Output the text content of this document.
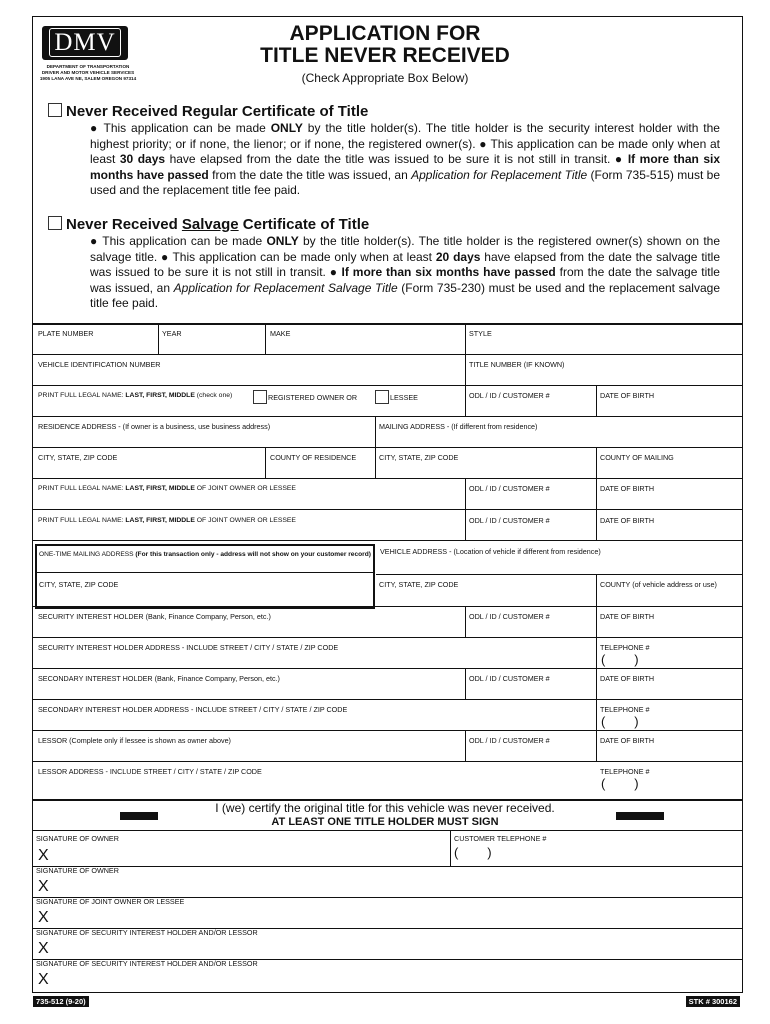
DMV
DEPARTMENT OF TRANSPORTATION
DRIVER AND MOTOR VEHICLE SERVICES
1905 LANA AVE NE, SALEM OREGON 97314
APPLICATION FOR
TITLE NEVER RECEIVED
(Check Appropriate Box Below)
Never Received Regular Certificate of Title
● This application can be made ONLY by the title holder(s). The title holder is the security interest holder with the highest priority; or if none, the lienor; or if none, the registered owner(s). ● This application can be made only when at least 30 days have elapsed from the date the title was issued to be sure it is not still in transit. ● If more than six months have passed from the date the title was issued, an Application for Replacement Title (Form 735-515) must be used and the replacement title fee paid.
Never Received Salvage Certificate of Title
● This application can be made ONLY by the title holder(s). The title holder is the registered owner(s) shown on the salvage title. ● This application can be made only when at least 20 days have elapsed from the date the salvage title was issued to be sure it is not still in transit. ● If more than six months have passed from the date the salvage title was issued, an Application for Replacement Salvage Title (Form 735-230) must be used and the replacement salvage title fee paid.
PLATE NUMBER	YEAR	MAKE	STYLE
VEHICLE IDENTIFICATION NUMBER	TITLE NUMBER (IF KNOWN)
PRINT FULL LEGAL NAME: LAST, FIRST, MIDDLE (check one)	REGISTERED OWNER OR	LESSEE	ODL / ID / CUSTOMER #	DATE OF BIRTH
RESIDENCE ADDRESS - (If owner is a business, use business address)	MAILING ADDRESS - (If different from residence)
CITY, STATE, ZIP CODE	COUNTY OF RESIDENCE	CITY, STATE, ZIP CODE	COUNTY OF MAILING
PRINT FULL LEGAL NAME: LAST, FIRST, MIDDLE OF JOINT OWNER OR LESSEE	ODL / ID / CUSTOMER #	DATE OF BIRTH
PRINT FULL LEGAL NAME: LAST, FIRST, MIDDLE OF JOINT OWNER OR LESSEE	ODL / ID / CUSTOMER #	DATE OF BIRTH
ONE-TIME MAILING ADDRESS (For this transaction only - address will not show on your customer record) VEHICLE ADDRESS - (Location of vehicle if different from residence)
CITY, STATE, ZIP CODE	CITY, STATE, ZIP CODE	COUNTY (of vehicle address or use)
SECURITY INTEREST HOLDER (Bank, Finance Company, Person, etc.)	ODL / ID / CUSTOMER #	DATE OF BIRTH
SECURITY INTEREST HOLDER ADDRESS - INCLUDE STREET / CITY / STATE / ZIP CODE	TELEPHONE #
(        )
SECONDARY INTEREST HOLDER (Bank, Finance Company, Person, etc.)	ODL / ID / CUSTOMER #	DATE OF BIRTH
SECONDARY INTEREST HOLDER ADDRESS - INCLUDE STREET / CITY / STATE / ZIP CODE	TELEPHONE #
(        )
LESSOR (Complete only if lessee is shown as owner above)	ODL / ID / CUSTOMER #	DATE OF BIRTH
LESSOR ADDRESS - INCLUDE STREET / CITY / STATE / ZIP CODE	TELEPHONE #
(        )
I (we) certify the original title for this vehicle was never received.
AT LEAST ONE TITLE HOLDER MUST SIGN
SIGNATURE OF OWNER	CUSTOMER TELEPHONE #
X	(        )
SIGNATURE OF OWNER
X
SIGNATURE OF JOINT OWNER OR LESSEE
X
SIGNATURE OF SECURITY INTEREST HOLDER AND/OR LESSOR
X
SIGNATURE OF SECURITY INTEREST HOLDER AND/OR LESSOR
X
735-512 (9-20)	STK # 300162
